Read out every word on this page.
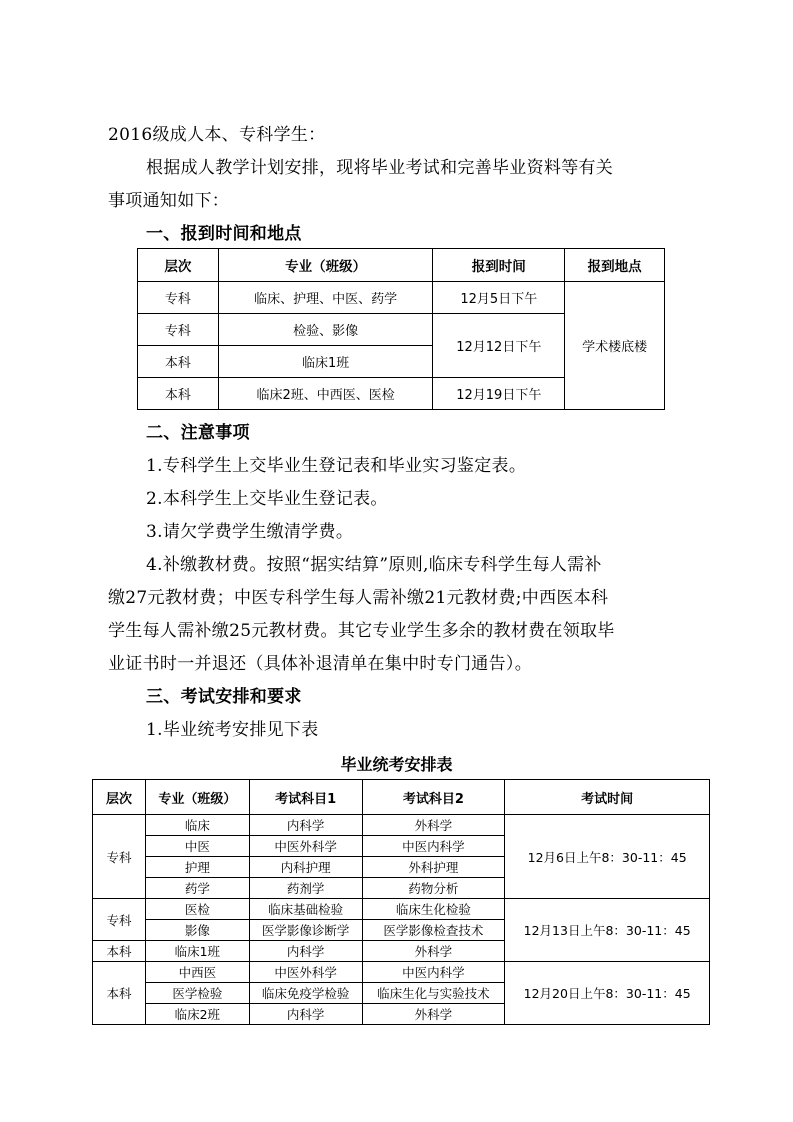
2016级成人本、专科学生：
根据成人教学计划安排，现将毕业考试和完善毕业资料等有关
事项通知如下：
一、报到时间和地点
层次	专业（班级）	报到时间	报到地点
专科	临床、护理、中医、药学	12月5日下午	学术楼底楼
专科	检验、影像	12月12日下午	
本科	临床1班		
本科	临床2班、中西医、医检	12月19日下午	
二、注意事项
1.专科学生上交毕业生登记表和毕业实习鉴定表。
2.本科学生上交毕业生登记表。
3.请欠学费学生缴清学费。
4.补缴教材费。按照“据实结算”原则,临床专科学生每人需补
缴27元教材费；中医专科学生每人需补缴21元教材费;中西医本科
学生每人需补缴25元教材费。其它专业学生多余的教材费在领取毕
业证书时一并退还（具体补退清单在集中时专门通告）。
三、考试安排和要求
1.毕业统考安排见下表
毕业统考安排表
层次	专业（班级）	考试科目1	考试科目2	考试时间
专科	临床	内科学	外科学	12月6日上午8：30-11：45
	中医	中医外科学	中医内科学	
	护理	内科护理	外科护理	
	药学	药剂学	药物分析	
专科	医检	临床基础检验	临床生化检验	12月13日上午8：30-11：45
	影像	医学影像诊断学	医学影像检查技术	
本科	临床1班	内科学	外科学	
本科	中西医	中医外科学	中医内科学	12月20日上午8：30-11：45
	医学检验	临床免疫学检验	临床生化与实验技术	
	临床2班	内科学	外科学	
